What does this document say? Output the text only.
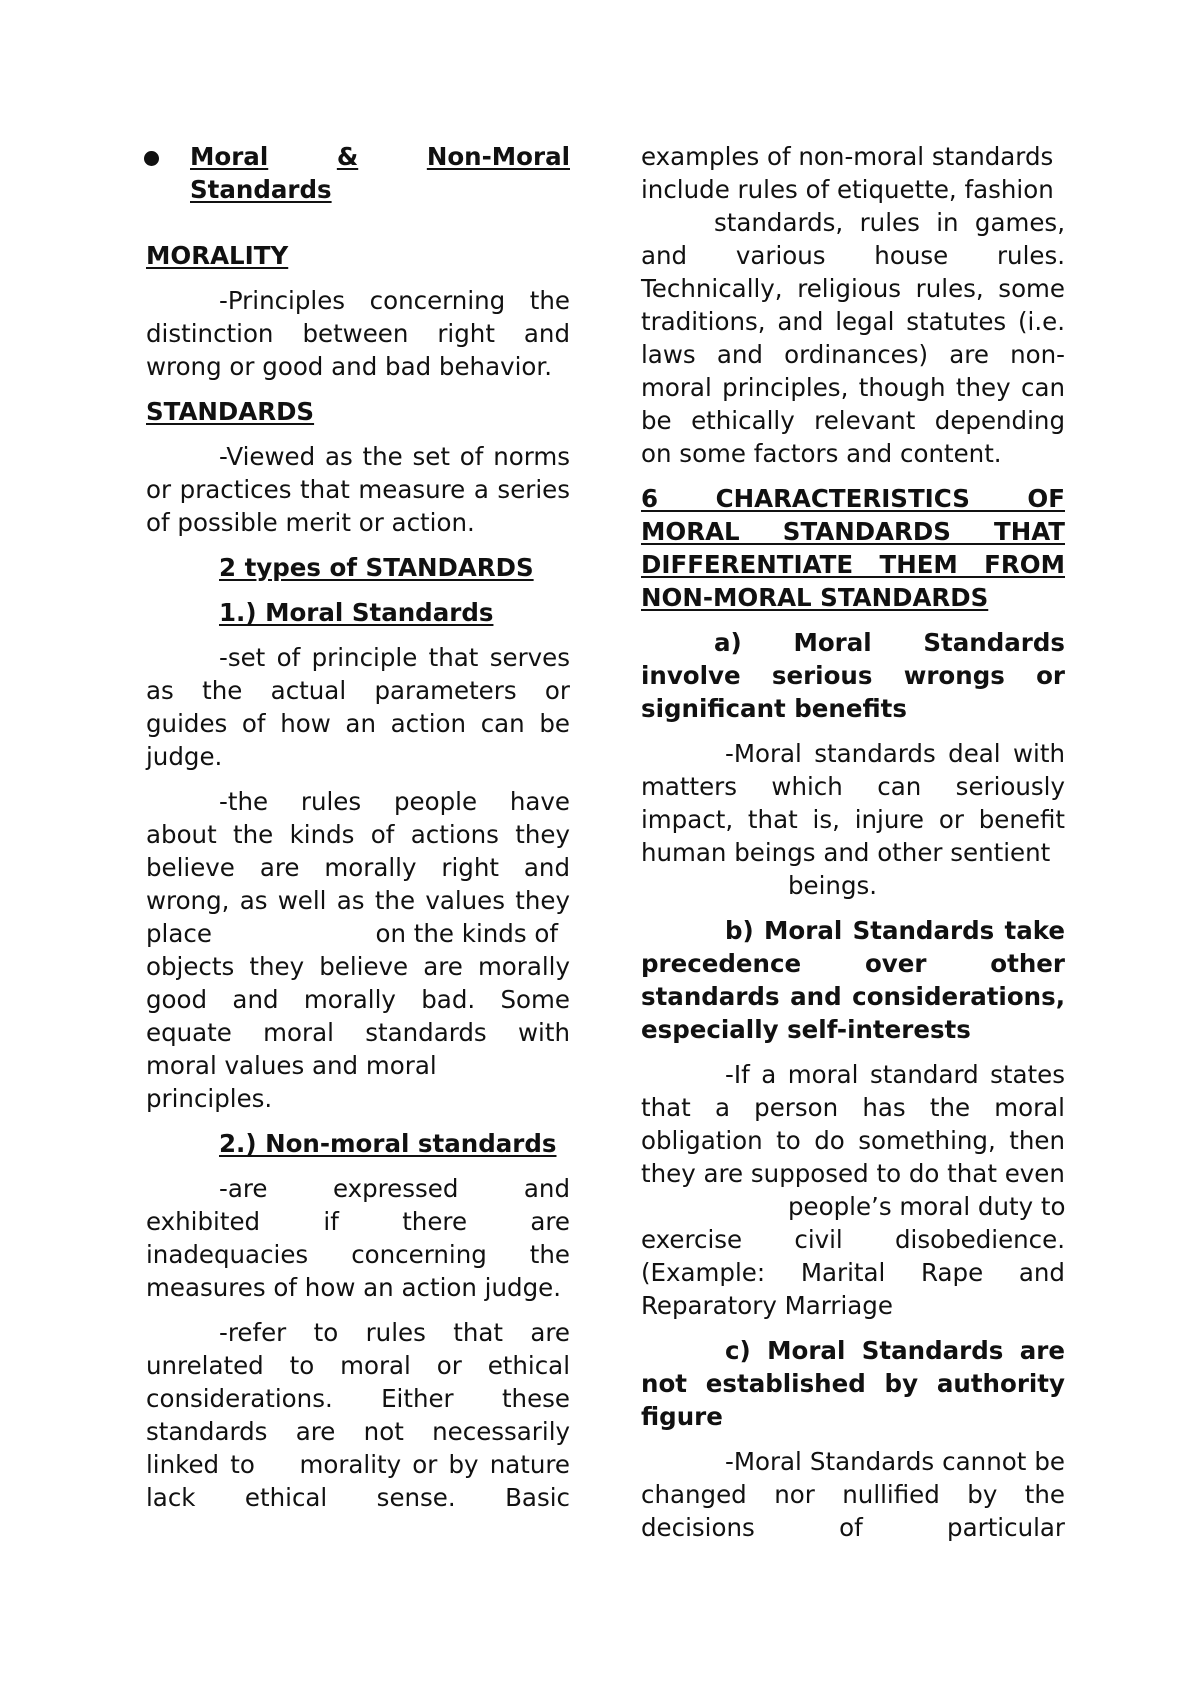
Moral	&	Non-Moral
Standards
MORALITY
-Principles concerning the
distinction between right and
wrong or good and bad behavior.
STANDARDS
-Viewed as the set of norms
or practices that measure a series
of possible merit or action.
2 types of STANDARDS
1.) Moral Standards
-set of principle that serves
as the actual parameters or
guides of how an action can be
judge.
-the rules people have
about the kinds of actions they
believe are morally right and
wrong, as well as the values they
place                     on the kinds of
objects they believe are morally
good and morally bad. Some
equate moral standards with
moral values and moral
principles.
2.) Non-moral standards
-are expressed and
exhibited if there are
inadequacies concerning the
measures of how an action judge.
-refer to rules that are
unrelated to moral or ethical
considerations. Either these
standards are not necessarily
linked to    morality or by nature
lack ethical sense. Basic
examples of non-moral standards
include rules of etiquette, fashion
standards, rules in games,
and various house rules.
Technically, religious rules, some
traditions, and legal statutes (i.e.
laws and ordinances) are non-
moral principles, though they can
be ethically relevant depending
on some factors and content.
6 CHARACTERISTICS OF
MORAL STANDARDS THAT
DIFFERENTIATE THEM FROM
NON-MORAL STANDARDS
a) Moral Standards
involve serious wrongs or
significant benefits
-Moral standards deal with
matters which can seriously
impact, that is, injure or benefit
human beings and other sentient
beings.
b) Moral Standards take
precedence over other
standards and considerations,
especially self-interests
-If a moral standard states
that a person has the moral
obligation to do something, then
they are supposed to do that even
people’s moral duty to
exercise civil disobedience.
(Example: Marital Rape and
Reparatory Marriage
c) Moral Standards are
not established by authority
figure
-Moral Standards cannot be
changed nor nullified by the
decisions of particular
